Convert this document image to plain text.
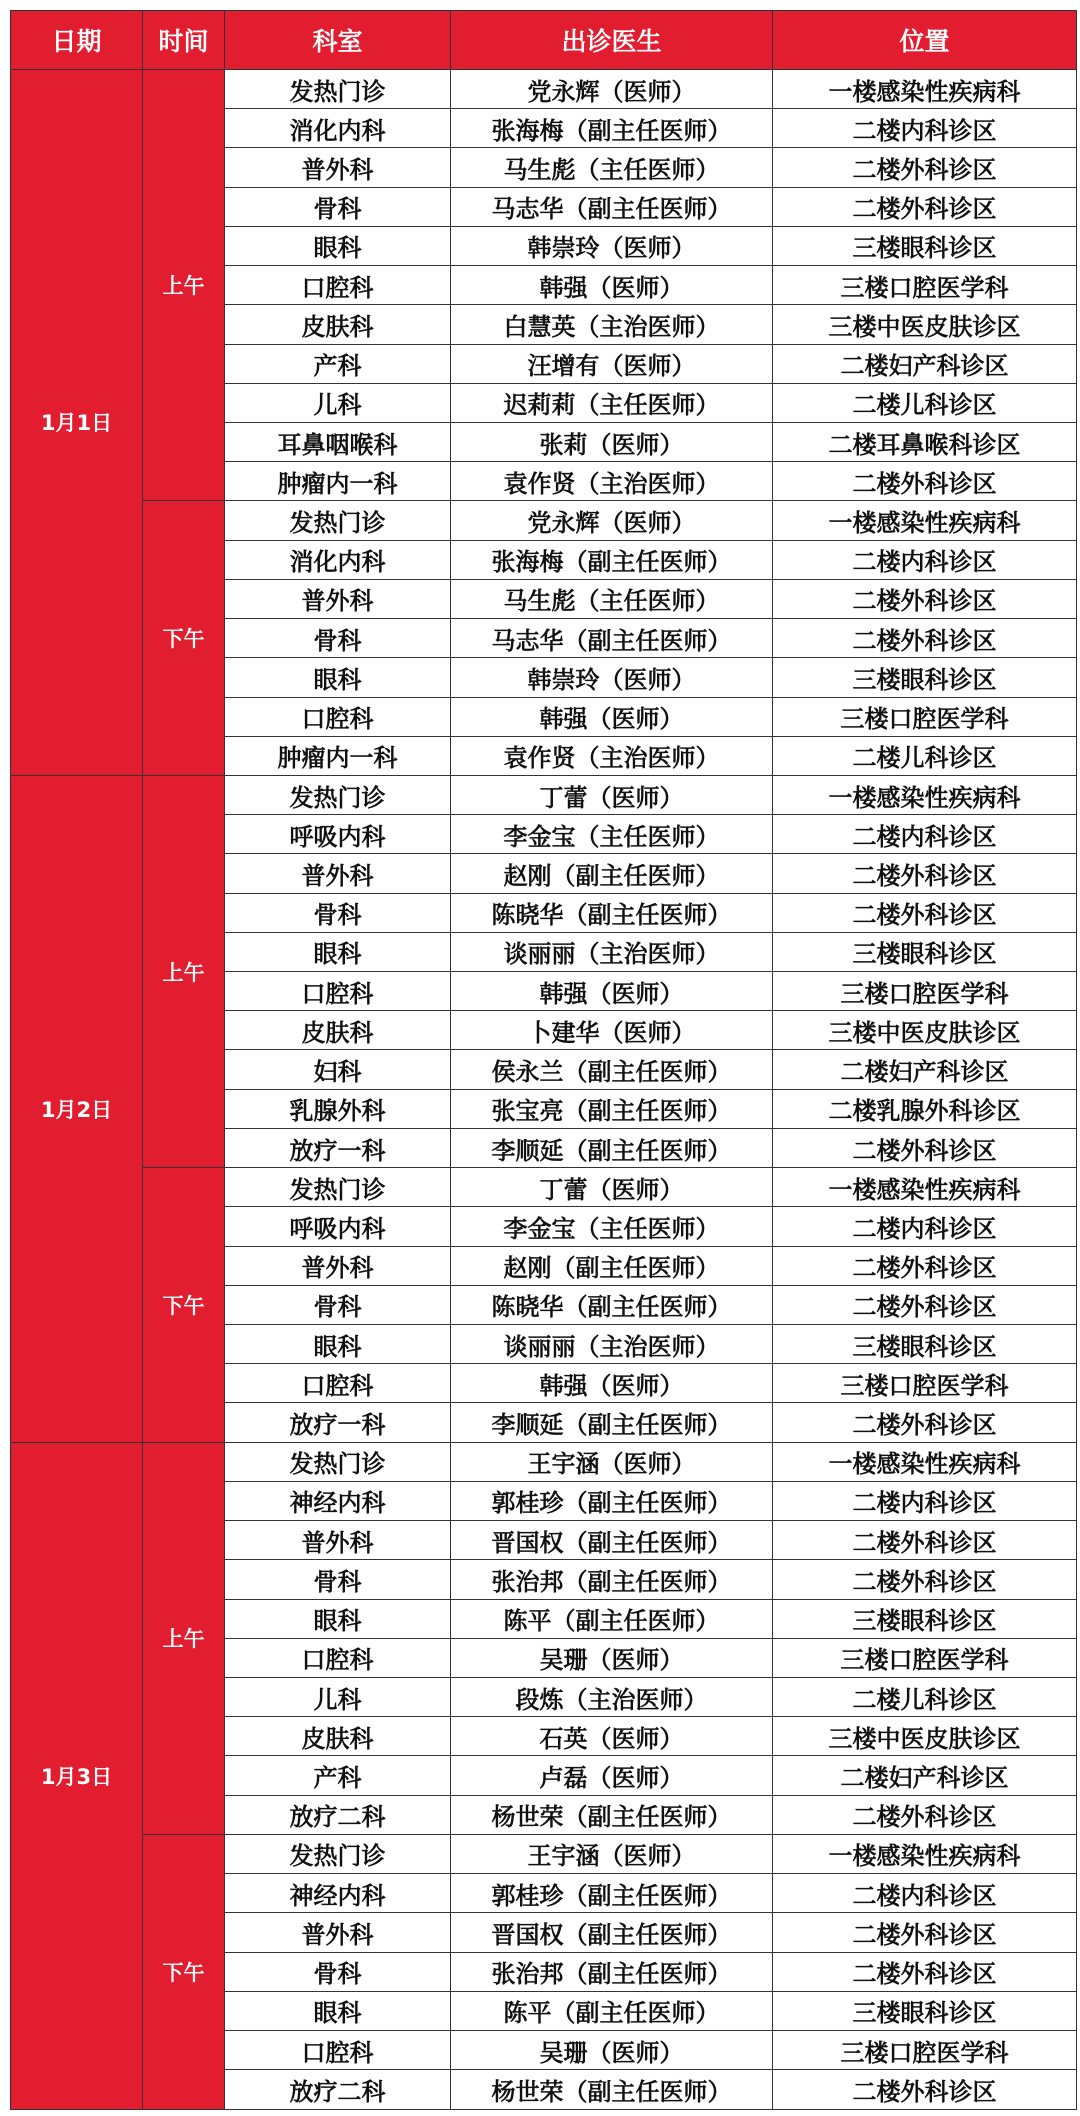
日期	时间	科室	出诊医生	位置
1月1日	上午	发热门诊	党永辉（医师）	一楼感染性疾病科
		消化内科	张海梅（副主任医师）	二楼内科诊区
		普外科	马生彪（主任医师）	二楼外科诊区
		骨科	马志华（副主任医师）	二楼外科诊区
		眼科	韩崇玲（医师）	三楼眼科诊区
		口腔科	韩强（医师）	三楼口腔医学科
		皮肤科	白慧英（主治医师）	三楼中医皮肤诊区
		产科	汪增有（医师）	二楼妇产科诊区
		儿科	迟莉莉（主任医师）	二楼儿科诊区
		耳鼻咽喉科	张莉（医师）	二楼耳鼻喉科诊区
		肿瘤内一科	袁作贤（主治医师）	二楼外科诊区
	下午	发热门诊	党永辉（医师）	一楼感染性疾病科
		消化内科	张海梅（副主任医师）	二楼内科诊区
		普外科	马生彪（主任医师）	二楼外科诊区
		骨科	马志华（副主任医师）	二楼外科诊区
		眼科	韩崇玲（医师）	三楼眼科诊区
		口腔科	韩强（医师）	三楼口腔医学科
		肿瘤内一科	袁作贤（主治医师）	二楼儿科诊区
1月2日	上午	发热门诊	丁蕾（医师）	一楼感染性疾病科
		呼吸内科	李金宝（主任医师）	二楼内科诊区
		普外科	赵刚（副主任医师）	二楼外科诊区
		骨科	陈晓华（副主任医师）	二楼外科诊区
		眼科	谈丽丽（主治医师）	三楼眼科诊区
		口腔科	韩强（医师）	三楼口腔医学科
		皮肤科	卜建华（医师）	三楼中医皮肤诊区
		妇科	侯永兰（副主任医师）	二楼妇产科诊区
		乳腺外科	张宝亮（副主任医师）	二楼乳腺外科诊区
		放疗一科	李顺延（副主任医师）	二楼外科诊区
	下午	发热门诊	丁蕾（医师）	一楼感染性疾病科
		呼吸内科	李金宝（主任医师）	二楼内科诊区
		普外科	赵刚（副主任医师）	二楼外科诊区
		骨科	陈晓华（副主任医师）	二楼外科诊区
		眼科	谈丽丽（主治医师）	三楼眼科诊区
		口腔科	韩强（医师）	三楼口腔医学科
		放疗一科	李顺延（副主任医师）	二楼外科诊区
1月3日	上午	发热门诊	王宇涵（医师）	一楼感染性疾病科
		神经内科	郭桂珍（副主任医师）	二楼内科诊区
		普外科	晋国权（副主任医师）	二楼外科诊区
		骨科	张治邦（副主任医师）	二楼外科诊区
		眼科	陈平（副主任医师）	三楼眼科诊区
		口腔科	吴珊（医师）	三楼口腔医学科
		儿科	段炼（主治医师）	二楼儿科诊区
		皮肤科	石英（医师）	三楼中医皮肤诊区
		产科	卢磊（医师）	二楼妇产科诊区
		放疗二科	杨世荣（副主任医师）	二楼外科诊区
	下午	发热门诊	王宇涵（医师）	一楼感染性疾病科
		神经内科	郭桂珍（副主任医师）	二楼内科诊区
		普外科	晋国权（副主任医师）	二楼外科诊区
		骨科	张治邦（副主任医师）	二楼外科诊区
		眼科	陈平（副主任医师）	三楼眼科诊区
		口腔科	吴珊（医师）	三楼口腔医学科
		放疗二科	杨世荣（副主任医师）	二楼外科诊区
